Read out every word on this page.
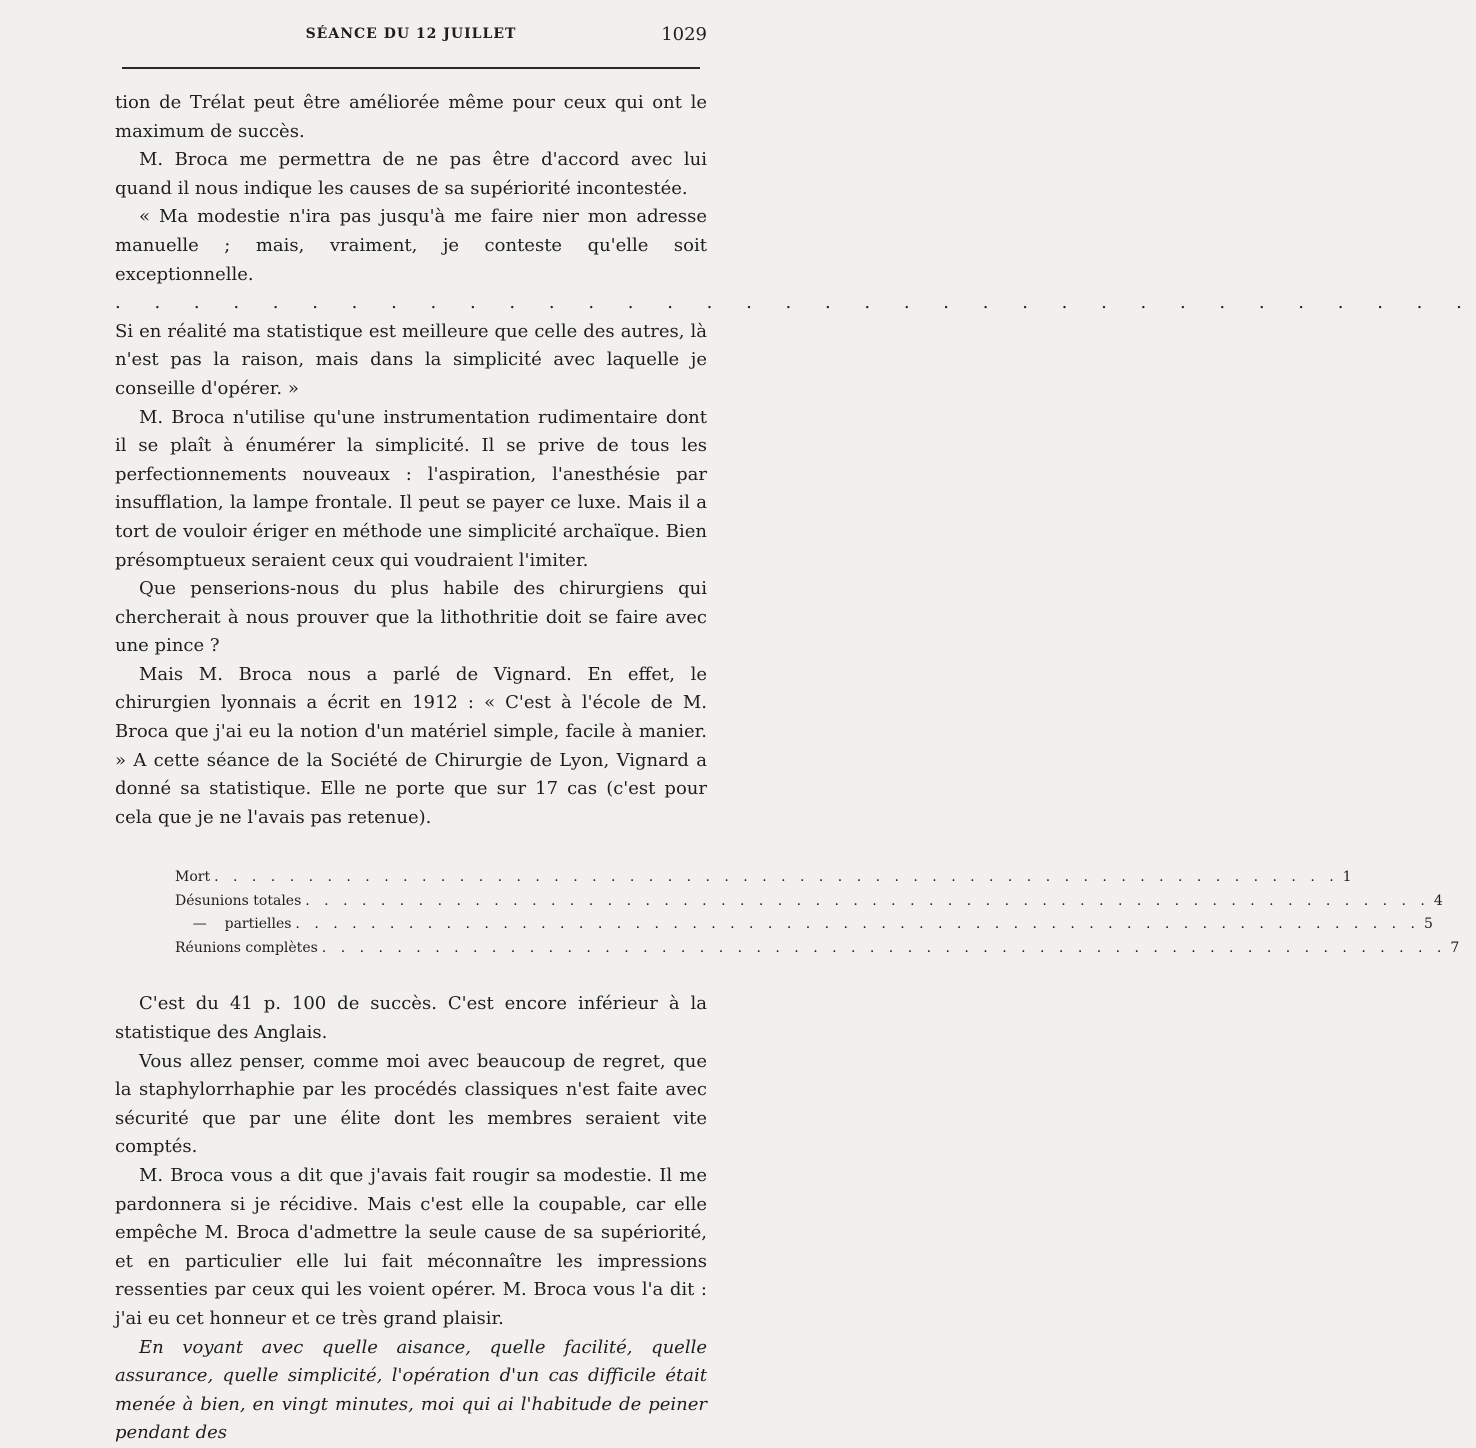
SÉANCE DU 12 JUILLET	1029

tion de Trélat peut être améliorée même pour ceux qui ont le maximum de succès.

M. Broca me permettra de ne pas être d'accord avec lui quand il nous indique les causes de sa supériorité incontestée.

« Ma modestie n'ira pas jusqu'à me faire nier mon adresse manuelle ; mais, vraiment, je conteste qu'elle soit exceptionnelle.

. . . . . . . . . . . . . . . . . . . . . . . . . . . . . . . . . . .

Si en réalité ma statistique est meilleure que celle des autres, là n'est pas la raison, mais dans la simplicité avec laquelle je conseille d'opérer. »

M. Broca n'utilise qu'une instrumentation rudimentaire dont il se plaît à énumérer la simplicité. Il se prive de tous les perfectionnements nouveaux : l'aspiration, l'anesthésie par insufflation, la lampe frontale. Il peut se payer ce luxe. Mais il a tort de vouloir ériger en méthode une simplicité archaïque. Bien présomptueux seraient ceux qui voudraient l'imiter.

Que penserions-nous du plus habile des chirurgiens qui chercherait à nous prouver que la lithothritie doit se faire avec une pince ?

Mais M. Broca nous a parlé de Vignard. En effet, le chirurgien lyonnais a écrit en 1912 : « C'est à l'école de M. Broca que j'ai eu la notion d'un matériel simple, facile à manier. » A cette séance de la Société de Chirurgie de Lyon, Vignard a donné sa statistique. Elle ne porte que sur 17 cas (c'est pour cela que je ne l'avais pas retenue).

Mort . . . . . . . . . . . . . . . . . . . . . . . . . . . . . . . . . . . . . . . . . . . . . . . . . . . . . . . . . . . . 1
Désunions totales . . . . . . . . . . . . . . . . . . . . . . . . . . . . . . . . . . . . . . . . . . . . . . . . . . . . . . . . . . . . 4
—    partielles . . . . . . . . . . . . . . . . . . . . . . . . . . . . . . . . . . . . . . . . . . . . . . . . . . . . . . . . . . . . 5
Réunions complètes . . . . . . . . . . . . . . . . . . . . . . . . . . . . . . . . . . . . . . . . . . . . . . . . . . . . . . . . . . . . 7

C'est du 41 p. 100 de succès. C'est encore inférieur à la statistique des Anglais.

Vous allez penser, comme moi avec beaucoup de regret, que la staphylorrhaphie par les procédés classiques n'est faite avec sécurité que par une élite dont les membres seraient vite comptés.

M. Broca vous a dit que j'avais fait rougir sa modestie. Il me pardonnera si je récidive. Mais c'est elle la coupable, car elle empêche M. Broca d'admettre la seule cause de sa supériorité, et en particulier elle lui fait méconnaître les impressions ressenties par ceux qui les voient opérer. M. Broca vous l'a dit : j'ai eu cet honneur et ce très grand plaisir.

En voyant avec quelle aisance, quelle facilité, quelle assurance, quelle simplicité, l'opération d'un cas difficile était menée à bien, en vingt minutes, moi qui ai l'habitude de peiner pendant des
